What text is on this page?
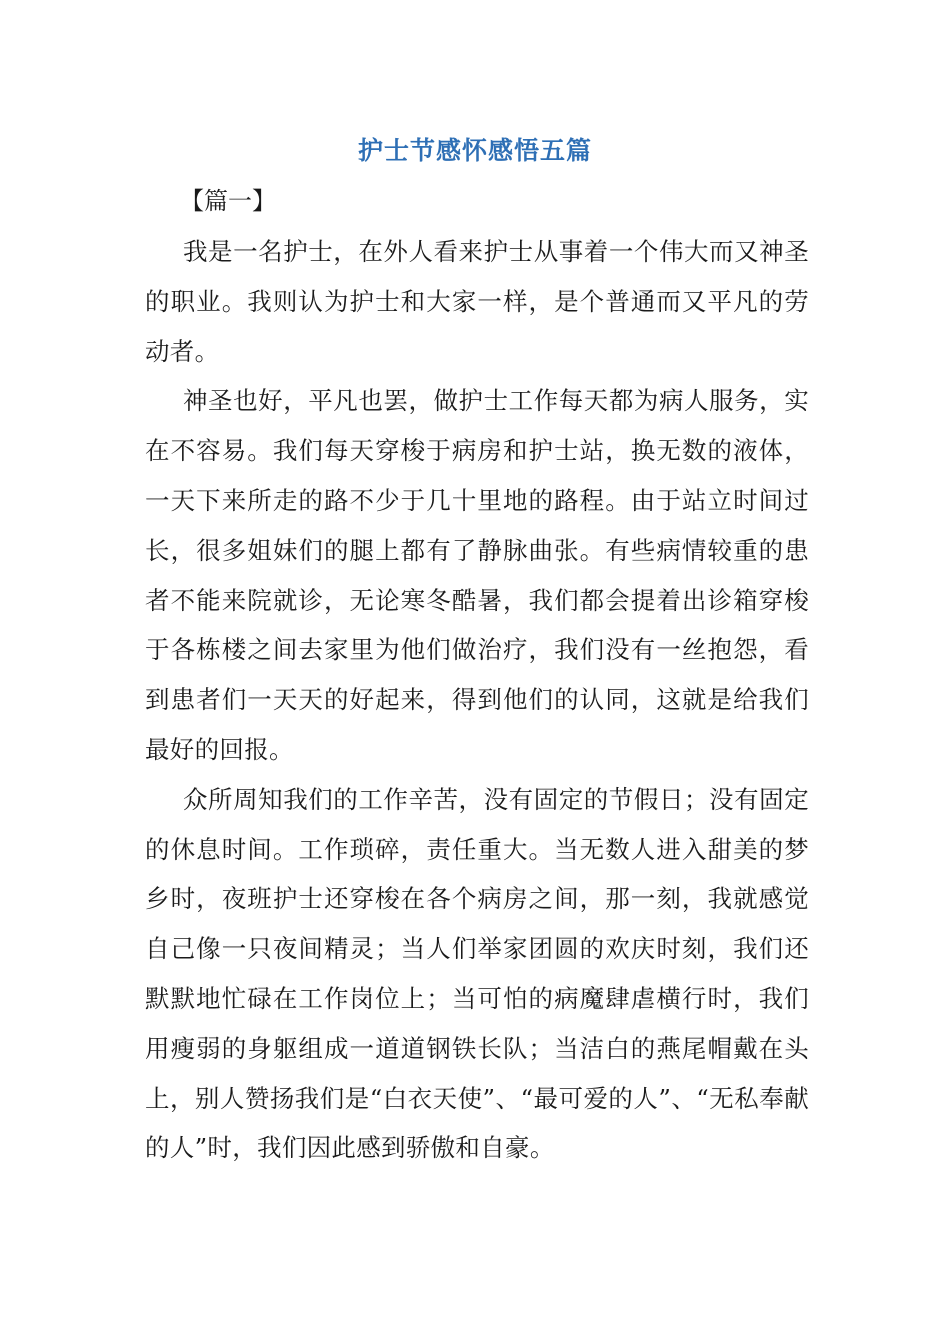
护士节感怀感悟五篇
【篇一】

我是一名护士，在外人看来护士从事着一个伟大而又神圣的职业。我则认为护士和大家一样，是个普通而又平凡的劳动者。

神圣也好，平凡也罢，做护士工作每天都为病人服务，实在不容易。我们每天穿梭于病房和护士站，换无数的液体，一天下来所走的路不少于几十里地的路程。由于站立时间过长，很多姐妹们的腿上都有了静脉曲张。有些病情较重的患者不能来院就诊，无论寒冬酷暑，我们都会提着出诊箱穿梭于各栋楼之间去家里为他们做治疗，我们没有一丝抱怨，看到患者们一天天的好起来，得到他们的认同，这就是给我们最好的回报。

众所周知我们的工作辛苦，没有固定的节假日；没有固定的休息时间。工作琐碎，责任重大。当无数人进入甜美的梦乡时，夜班护士还穿梭在各个病房之间，那一刻，我就感觉自己像一只夜间精灵；当人们举家团圆的欢庆时刻，我们还默默地忙碌在工作岗位上；当可怕的病魔肆虐横行时，我们用瘦弱的身躯组成一道道钢铁长队；当洁白的燕尾帽戴在头上，别人赞扬我们是“白衣天使”、“最可爱的人”、“无私奉献的人”时，我们因此感到骄傲和自豪。
